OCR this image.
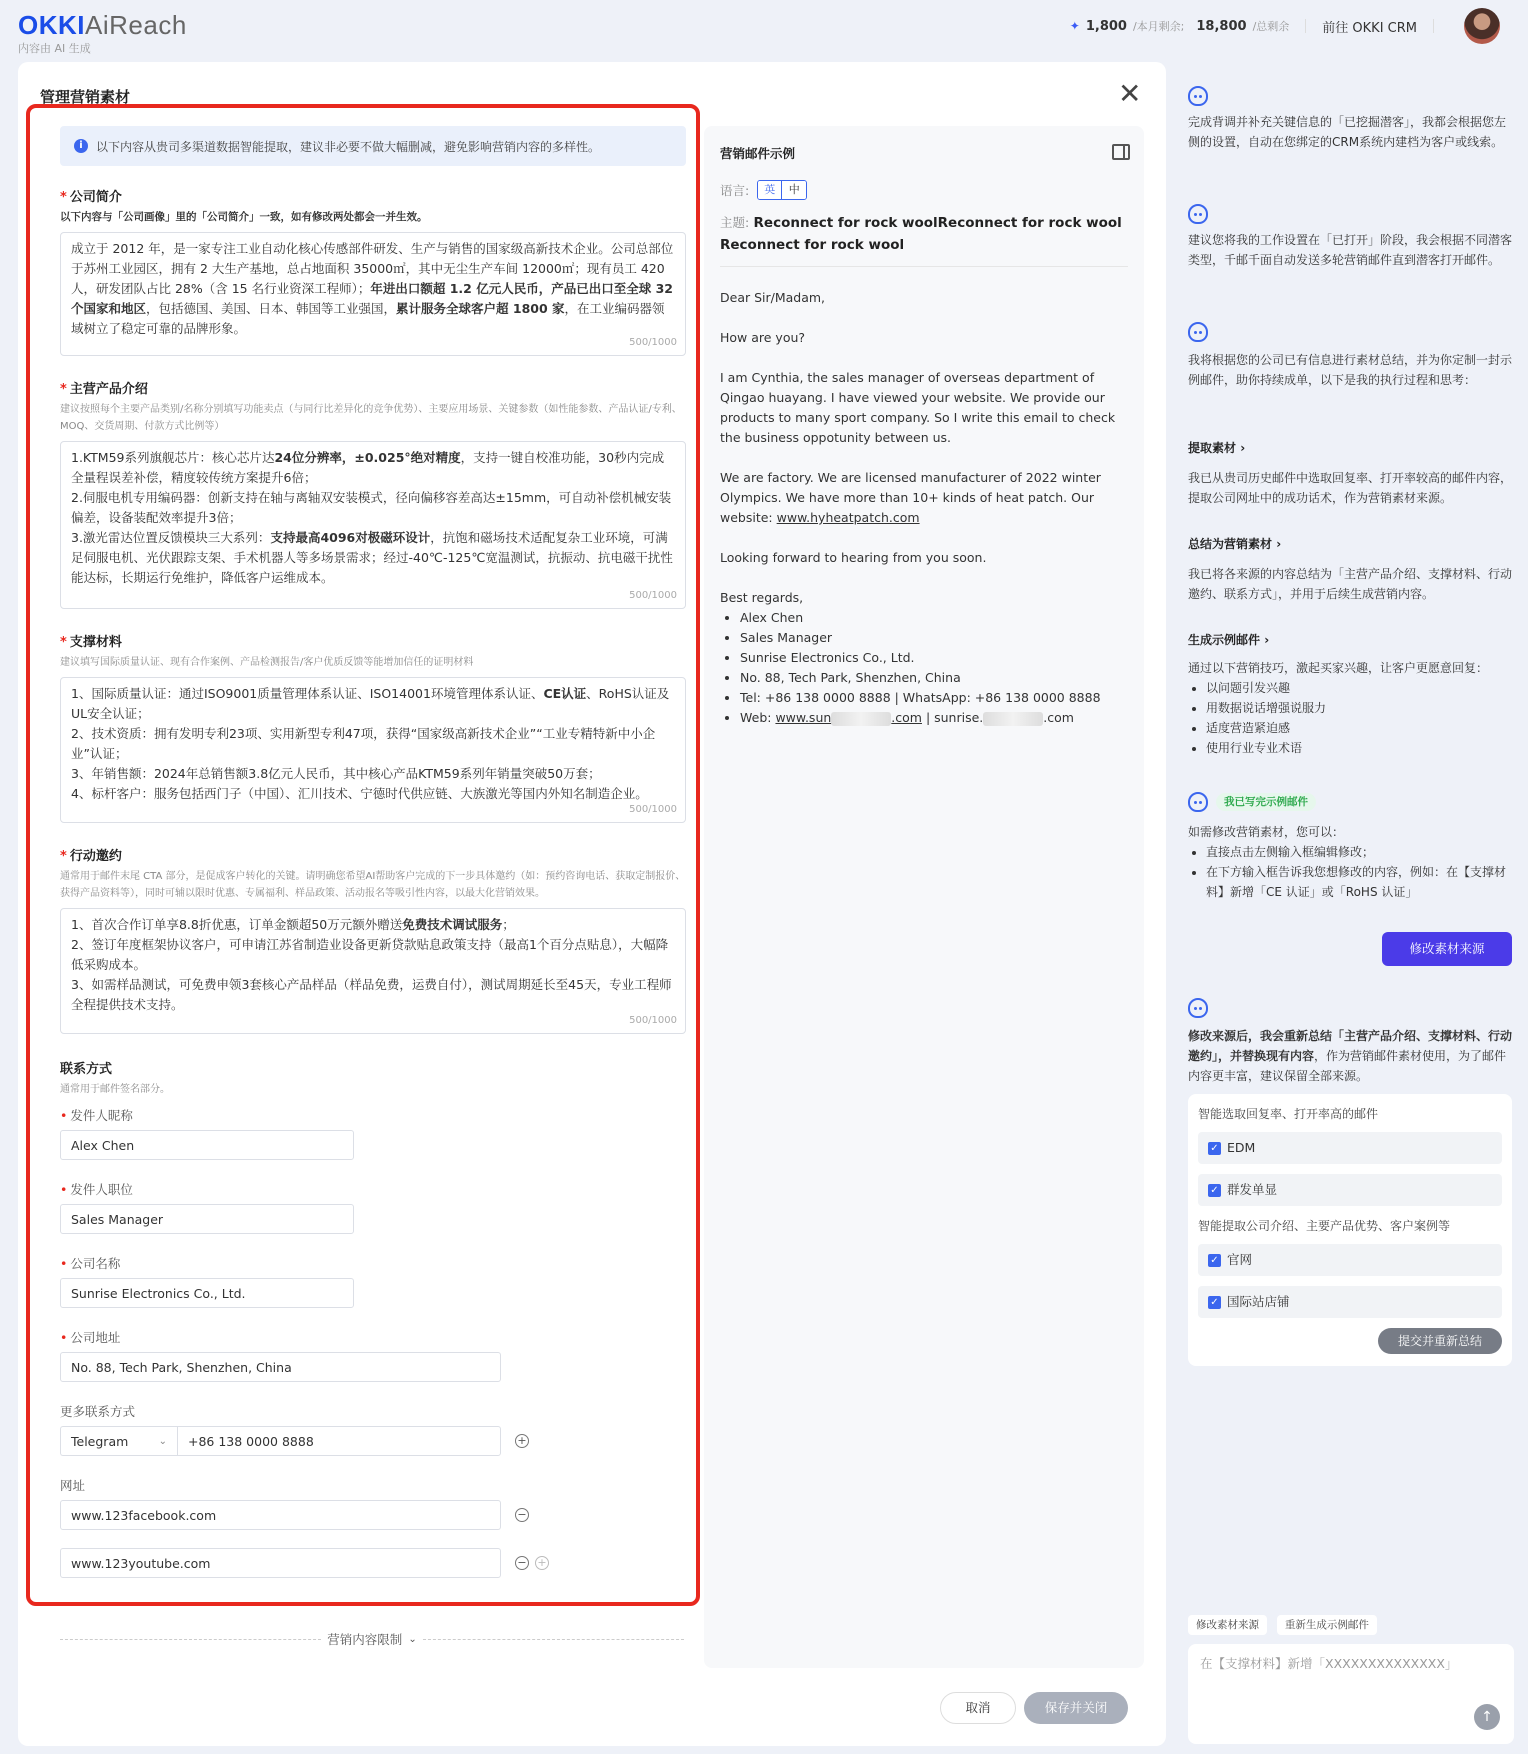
OKKIAiReach
内容由 AI 生成
✦ 1,800 /本月剩余; 18,800 /总剩余	前往 OKKI CRM
管理营销素材	✕
i	以下内容从贵司多渠道数据智能提取，建议非必要不做大幅删减，避免影响营销内容的多样性。
* 公司简介
以下内容与「公司画像」里的「公司简介」一致，如有修改两处都会一并生效。
成立于 2012 年，是一家专注工业自动化核心传感部件研发、生产与销售的国家级高新技术企业。公司总部位于苏州工业园区，拥有 2 大生产基地，总占地面积 35000㎡，其中无尘生产车间 12000㎡；现有员工 420 人，研发团队占比 28%（含 15 名行业资深工程师）；年进出口额超 1.2 亿元人民币，产品已出口至全球 32 个国家和地区，包括德国、美国、日本、韩国等工业强国，累计服务全球客户超 1800 家，在工业编码器领域树立了稳定可靠的品牌形象。
500/1000
* 主营产品介绍
建议按照每个主要产品类别/名称分别填写功能卖点（与同行比差异化的竞争优势）、主要应用场景、关键参数（如性能参数、产品认证/专利、MOQ、交货周期、付款方式比例等）
1.KTM59系列旗舰芯片：核心芯片达24位分辨率，±0.025°绝对精度，支持一键自校准功能，30秒内完成全量程误差补偿，精度较传统方案提升6倍；
2.伺服电机专用编码器：创新支持在轴与离轴双安装模式，径向偏移容差高达±15mm，可自动补偿机械安装偏差，设备装配效率提升3倍；
3.激光雷达位置反馈模块三大系列：支持最高4096对极磁环设计，抗饱和磁场技术适配复杂工业环境，可满足伺服电机、光伏跟踪支架、手术机器人等多场景需求；经过-40℃-125℃宽温测试，抗振动、抗电磁干扰性能达标，长期运行免维护，降低客户运维成本。
500/1000
* 支撑材料
建议填写国际质量认证、现有合作案例、产品检测报告/客户优质反馈等能增加信任的证明材料
1、国际质量认证：通过ISO9001质量管理体系认证、ISO14001环境管理体系认证、CE认证、RoHS认证及UL安全认证；
2、技术资质：拥有发明专利23项、实用新型专利47项，获得“国家级高新技术企业”“工业专精特新中小企业”认证；
3、年销售额：2024年总销售额3.8亿元人民币，其中核心产品KTM59系列年销量突破50万套；
4、标杆客户：服务包括西门子（中国）、汇川技术、宁德时代供应链、大族激光等国内外知名制造企业。
500/1000
* 行动邀约
通常用于邮件末尾 CTA 部分，是促成客户转化的关键。请明确您希望AI帮助客户完成的下一步具体邀约（如：预约咨询电话、获取定制报价、获得产品资料等），同时可辅以限时优惠、专属福利、样品政策、活动报名等吸引性内容，以最大化营销效果。
1、首次合作订单享8.8折优惠，订单金额超50万元额外赠送免费技术调试服务；
2、签订年度框架协议客户，可申请江苏省制造业设备更新贷款贴息政策支持（最高1个百分点贴息），大幅降低采购成本。
3、如需样品测试，可免费申领3套核心产品样品（样品免费，运费自付），测试周期延长至45天，专业工程师全程提供技术支持。
500/1000
联系方式
通常用于邮件签名部分。
• 发件人昵称
Alex Chen
• 发件人职位
Sales Manager
• 公司名称
Sunrise Electronics Co., Ltd.
• 公司地址
No. 88, Tech Park, Shenzhen, China
更多联系方式
Telegram	⌄	+86 138 0000 8888	+
网址
www.123facebook.com	−
www.123youtube.com	− +
营销内容限制 ⌄
营销邮件示例
语言:	英	中
主题: Reconnect for rock woolReconnect for rock wool Reconnect for rock wool

Dear Sir/Madam,

How are you?

I am Cynthia, the sales manager of overseas department of Qingao huayang. I have viewed your website. We provide our products to many sport company. So I write this email to check the business oppotunity between us.

We are factory. We are licensed manufacturer of 2022 winter Olympics. We have more than 10+ kinds of heat patch. Our website: www.hyheatpatch.com

Looking forward to hearing from you soon.

Best regards,

• Alex Chen
• Sales Manager
• Sunrise Electronics Co., Ltd.
• No. 88, Tech Park, Shenzhen, China
• Tel: +86 138 0000 8888 | WhatsApp: +86 138 0000 8888
• Web: www.sun	.com | sunrise.	.com
取消	保存并关闭
完成背调并补充关键信息的「已挖掘潜客」，我都会根据您左侧的设置，自动在您绑定的CRM系统内建档为客户或线索。
建议您将我的工作设置在「已打开」阶段，我会根据不同潜客类型，千邮千面自动发送多轮营销邮件直到潜客打开邮件。
我将根据您的公司已有信息进行素材总结，并为你定制一封示例邮件，助你持续成单，以下是我的执行过程和思考：
提取素材 ›
我已从贵司历史邮件中选取回复率、打开率较高的邮件内容，提取公司网址中的成功话术，作为营销素材来源。
总结为营销素材 ›
我已将各来源的内容总结为「主营产品介绍、支撑材料、行动邀约、联系方式」，并用于后续生成营销内容。
生成示例邮件 ›
通过以下营销技巧，激起买家兴趣，让客户更愿意回复：
• 以问题引发兴趣
• 用数据说话增强说服力
• 适度营造紧迫感
• 使用行业专业术语
我已写完示例邮件
如需修改营销素材，您可以：
• 直接点击左侧输入框编辑修改；
• 在下方输入框告诉我您想修改的内容，例如：在【支撑材料】新增「CE 认证」或「RoHS 认证」
修改素材来源
修改来源后，我会重新总结「主营产品介绍、支撑材料、行动邀约」，并替换现有内容，作为营销邮件素材使用，为了邮件内容更丰富，建议保留全部来源。
智能选取回复率、打开率高的邮件
✓ EDM
✓ 群发单显
智能提取公司介绍、主要产品优势、客户案例等
✓ 官网
✓ 国际站店铺
提交并重新总结
修改素材来源 重新生成示例邮件
在【支撑材料】新增「XXXXXXXXXXXXXX」
↑
